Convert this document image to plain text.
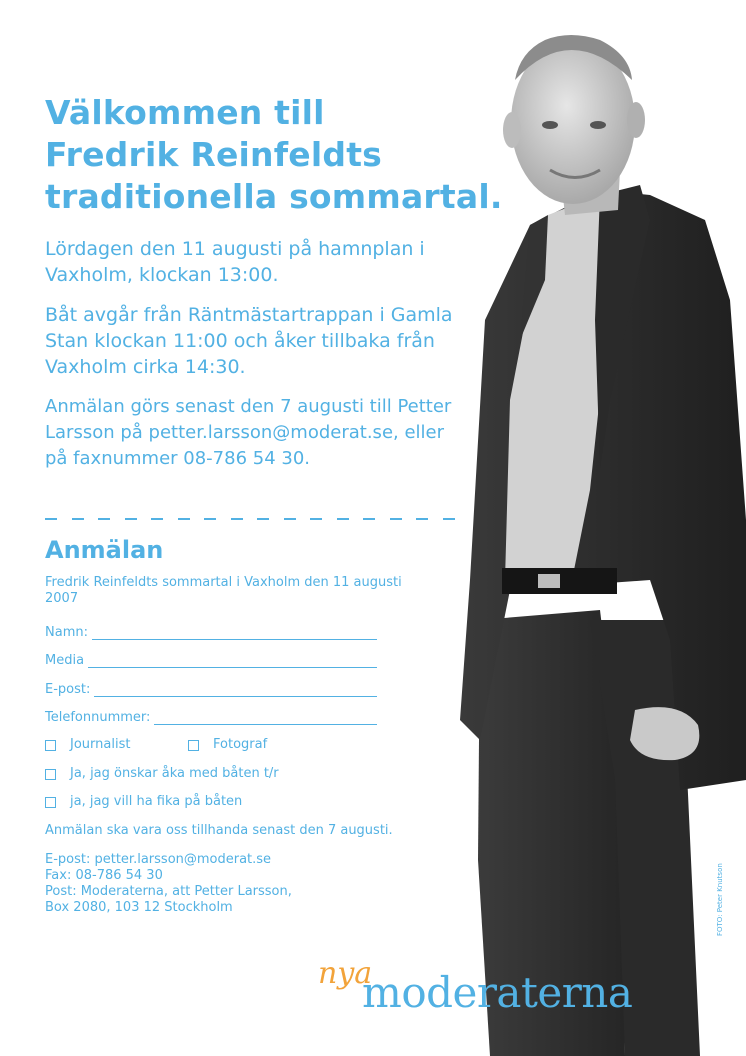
Välkommen till
Fredrik Reinfeldts
traditionella sommartal.

Lördagen den 11 augusti på hamnplan i Vaxholm, klockan 13:00.

Båt avgår från Räntmästartrappan i Gamla Stan klockan 11:00 och åker tillbaka från Vaxholm cirka 14:30.

Anmälan görs senast den 7 augusti till Petter Larsson på petter.larsson@moderat.se, eller på faxnummer 08-786 54 30.

Anmälan
Fredrik Reinfeldts sommartal i Vaxholm den 11 augusti 2007
Namn:
Media
E-post:
Telefonnummer:
Journalist	Fotograf
Ja, jag önskar åka med båten t/r
ja, jag vill ha fika på båten
Anmälan ska vara oss tillhanda senast den 7 augusti.
E-post: petter.larsson@moderat.se
Fax: 08-786 54 30
Post: Moderaterna, att Petter Larsson,
Box 2080, 103 12 Stockholm	FOTO: Peter Knutson
nya
moderaterna
